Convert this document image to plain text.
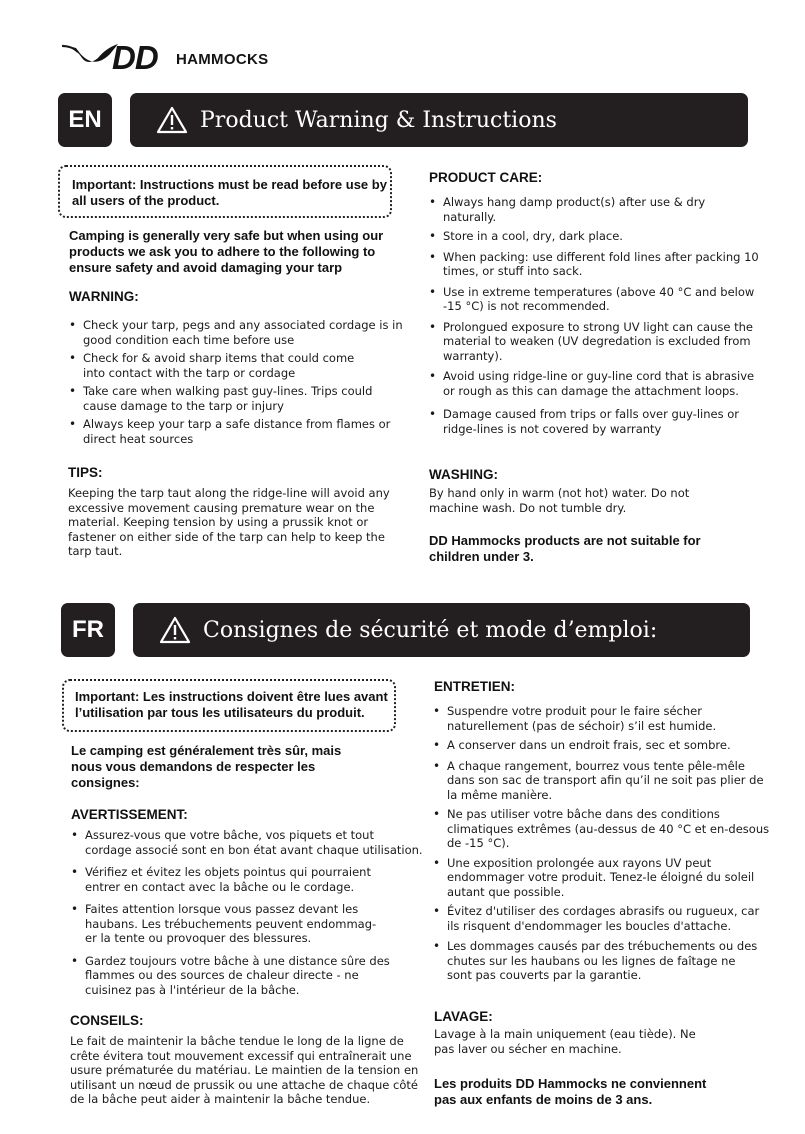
DD HAMMOCKS
EN	Product Warning & Instructions
Important: Instructions must be read before use by
all users of the product.
Camping is generally very safe but when using our
products we ask you to adhere to the following to
ensure safety and avoid damaging your tarp
WARNING:
• Check your tarp, pegs and any associated cordage is in
good condition each time before use
• Check for & avoid sharp items that could come
into contact with the tarp or cordage
• Take care when walking past guy-lines. Trips could
cause damage to the tarp or injury
• Always keep your tarp a safe distance from flames or
direct heat sources
TIPS:
Keeping the tarp taut along the ridge-line will avoid any
excessive movement causing premature wear on the
material. Keeping tension by using a prussik knot or
fastener on either side of the tarp can help to keep the
tarp taut.
PRODUCT CARE:
• Always hang damp product(s) after use & dry
naturally.
• Store in a cool, dry, dark place.
• When packing: use different fold lines after packing 10
times, or stuff into sack.
• Use in extreme temperatures (above 40 °C and below
-15 °C) is not recommended.
• Prolongued exposure to strong UV light can cause the
material to weaken (UV degredation is excluded from
warranty).
• Avoid using ridge-line or guy-line cord that is abrasive
or rough as this can damage the attachment loops.
• Damage caused from trips or falls over guy-lines or
ridge-lines is not covered by warranty
WASHING:
By hand only in warm (not hot) water. Do not
machine wash. Do not tumble dry.
DD Hammocks products are not suitable for
children under 3.
FR	Consignes de sécurité et mode d’emploi:
Important: Les instructions doivent être lues avant
l’utilisation par tous les utilisateurs du produit.
Le camping est généralement très sûr, mais
nous vous demandons de respecter les
consignes:
AVERTISSEMENT:
• Assurez-vous que votre bâche, vos piquets et tout
cordage associé sont en bon état avant chaque utilisation.
• Vérifiez et évitez les objets pointus qui pourraient
entrer en contact avec la bâche ou le cordage.
• Faites attention lorsque vous passez devant les
haubans. Les trébuchements peuvent endommag-
er la tente ou provoquer des blessures.
• Gardez toujours votre bâche à une distance sûre des
flammes ou des sources de chaleur directe - ne
cuisinez pas à l'intérieur de la bâche.
CONSEILS:
Le fait de maintenir la bâche tendue le long de la ligne de
crête évitera tout mouvement excessif qui entraînerait une
usure prématurée du matériau. Le maintien de la tension en
utilisant un nœud de prussik ou une attache de chaque côté
de la bâche peut aider à maintenir la bâche tendue.
ENTRETIEN:
• Suspendre votre produit pour le faire sécher
naturellement (pas de séchoir) s’il est humide.
• A conserver dans un endroit frais, sec et sombre.
• A chaque rangement, bourrez vous tente pêle-mêle
dans son sac de transport afin qu’il ne soit pas plier de
la même manière.
• Ne pas utiliser votre bâche dans des conditions
climatiques extrêmes (au-dessus de 40 °C et en-desous
de -15 °C).
• Une exposition prolongée aux rayons UV peut
endommager votre produit. Tenez-le éloigné du soleil
autant que possible.
• Évitez d'utiliser des cordages abrasifs ou rugueux, car
ils risquent d'endommager les boucles d'attache.
• Les dommages causés par des trébuchements ou des
chutes sur les haubans ou les lignes de faîtage ne
sont pas couverts par la garantie.
LAVAGE:
Lavage à la main uniquement (eau tiède). Ne
pas laver ou sécher en machine.
Les produits DD Hammocks ne conviennent
pas aux enfants de moins de 3 ans.
